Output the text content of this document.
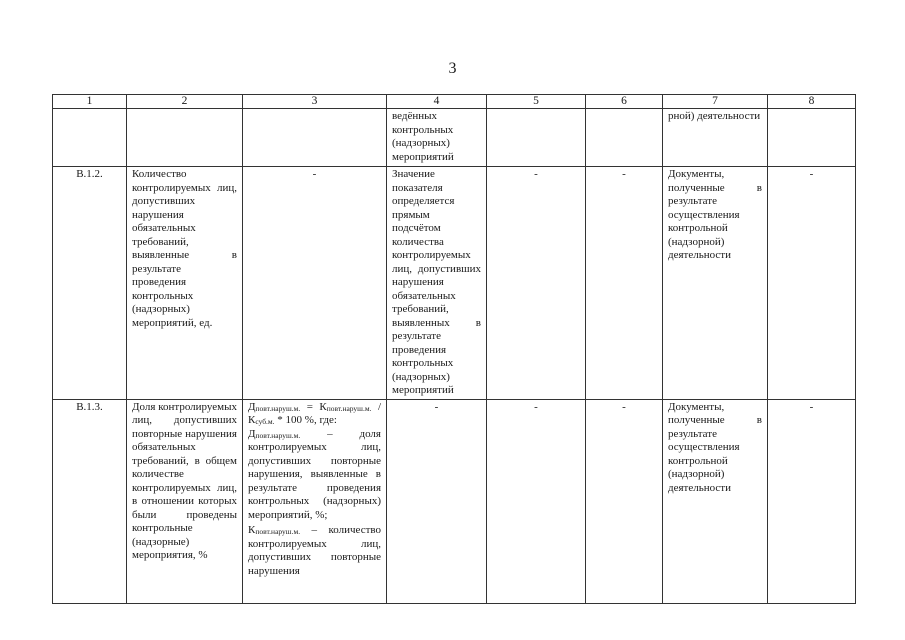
3
1	2	3	4	5	6	7	8
			ведённых контрольных (надзорных) мероприятий			рной) деятельности	
В.1.2.	Количество контролируемых лиц, допустивших нарушения обязательных требований, выявленные в результате проведения контрольных (надзорных) мероприятий, ед.	-	Значение показателя определяется прямым подсчётом количества контролируемых лиц, допустивших нарушения обязательных требований, выявленных в результате проведения контрольных (надзорных) мероприятий	-	-	Документы, полученные в результате осуществления контрольной (надзорной) деятельности	-
В.1.3.	Доля контролируемых лиц, допустивших повторные нарушения обязательных требований, в общем количестве контролируемых лиц, в отношении которых были проведены контрольные (надзорные) мероприятия, %	Дповт.наруш.м. = Кповт.наруш.м. / Ксуб.м. * 100 %, где:
Дповт.наруш.м. – доля контролируемых лиц, допустивших повторные нарушения, выявленные в результате проведения контрольных (надзорных) мероприятий, %;
Кповт.наруш.м. – количество контролируемых лиц, допустивших повторные нарушения	-	-	-	Документы, полученные в результате осуществления контрольной (надзорной) деятельности	-
